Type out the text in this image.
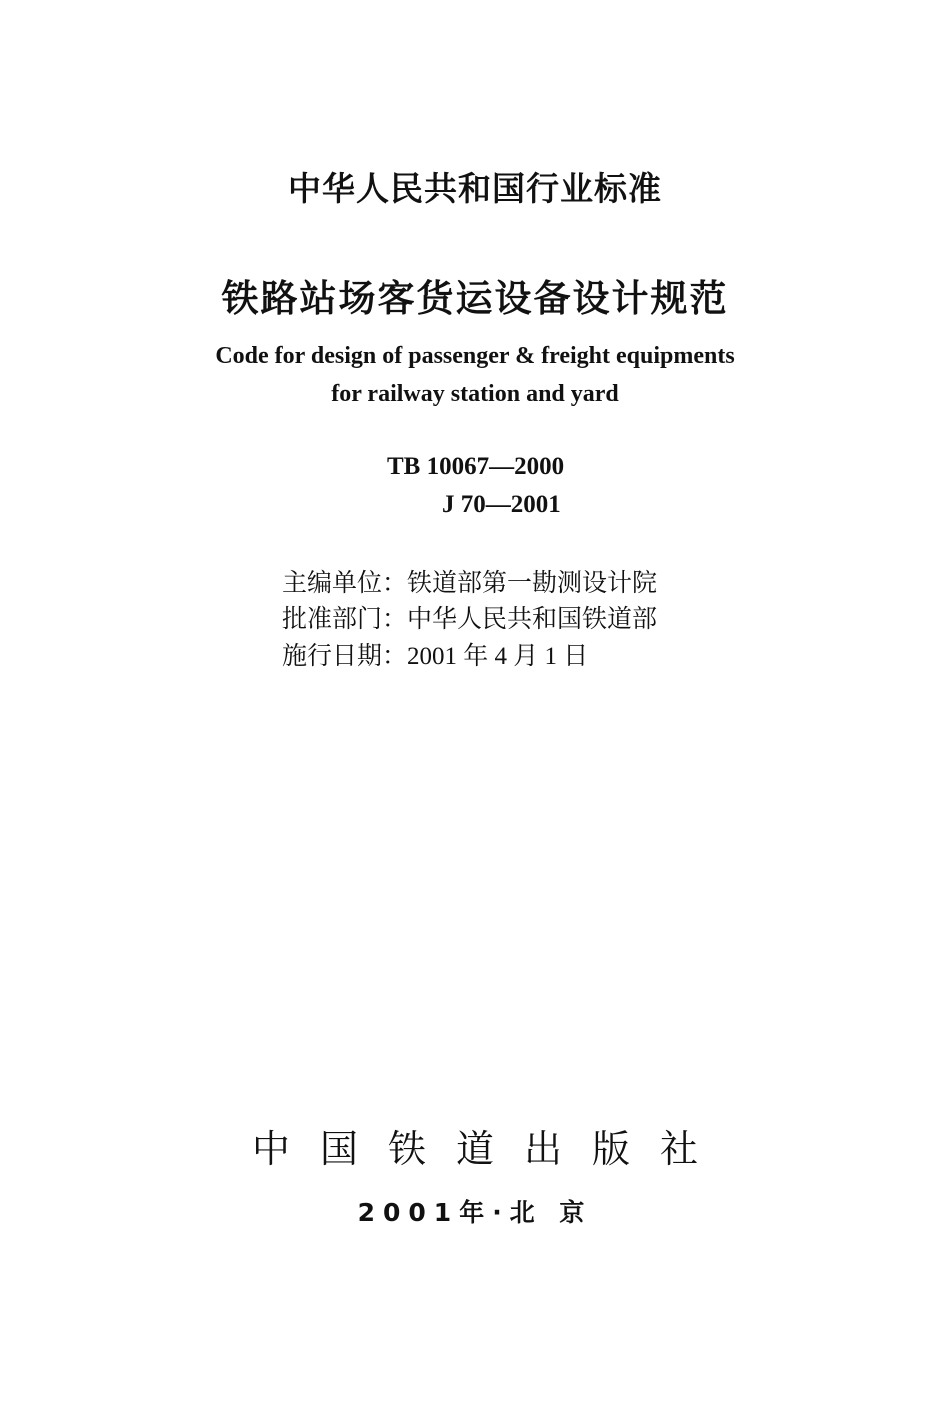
中华人民共和国行业标准
铁路站场客货运设备设计规范
Code for design of passenger & freight equipments
for railway station and yard
TB 10067—2000
J 70—2001
主编单位：铁道部第一勘测设计院
批准部门：中华人民共和国铁道部
施行日期：2001 年 4 月 1 日
中国铁道出版社
2001年·北 京
